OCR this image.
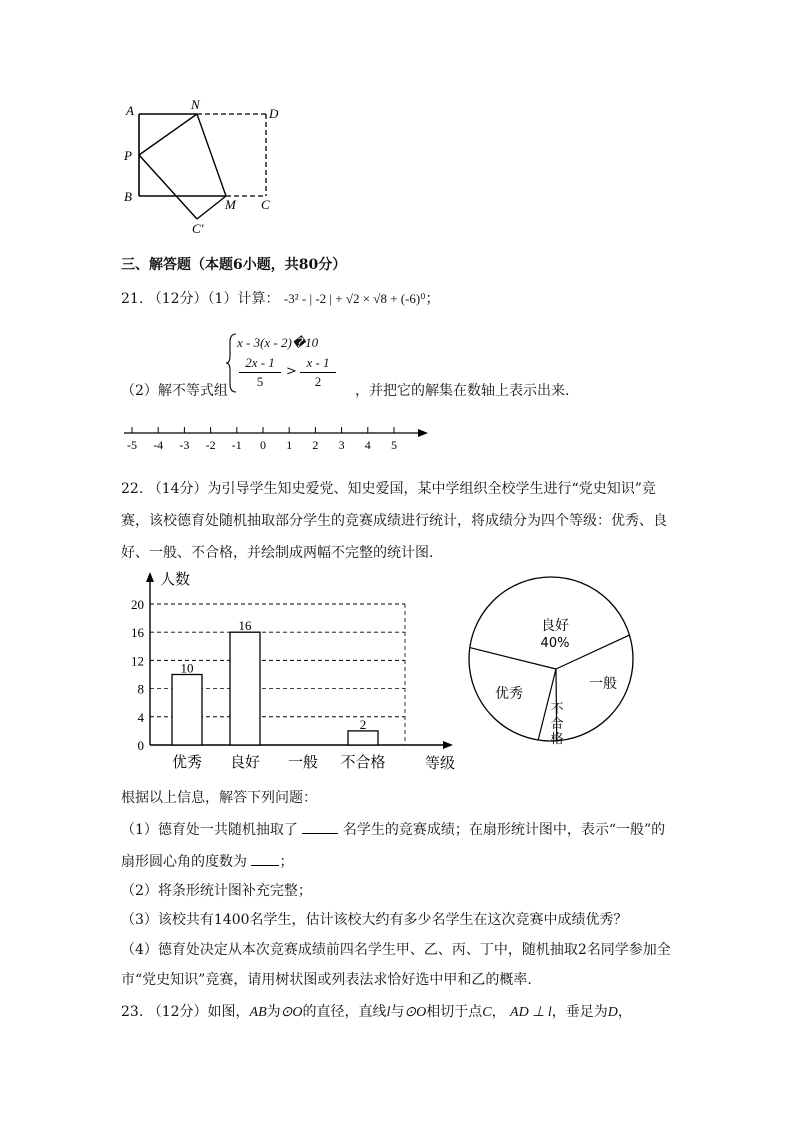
A	N
D
P
B
M C
C'
三、解答题（本题6小题，共80分）
21. （12分）（1）计算： -3² - | -2 | + √2 × √8 + (-6)⁰；
x - 3(x - 2)�10
2x - 1
5
>
x - 1
2
（2）解不等式组	，并把它的解集在数轴上表示出来.
-5 -4 -3 -2 -1 0 1 2 3 4 5
22. （14分）为引导学生知史爱党、知史爱国，某中学组织全校学生进行“党史知识”竞
赛，该校德育处随机抽取部分学生的竞赛成绩进行统计，将成绩分为四个等级：优秀、良
好、一般、不合格，并绘制成两幅不完整的统计图.
0
4
8
12
16
20
人数
等级
10
优秀
16
良好 一般
2
不合格
良好
40%
一般
优秀
不
合
格
根据以上信息，解答下列问题：
（1）德育处一共随机抽取了	名学生的竞赛成绩；在扇形统计图中，表示“一般”的
扇形圆心角的度数为 ；
（2）将条形统计图补充完整；
（3）该校共有1400名学生，估计该校大约有多少名学生在这次竞赛中成绩优秀？
（4）德育处决定从本次竞赛成绩前四名学生甲、乙、丙、丁中，随机抽取2名同学参加全
市“党史知识”竞赛，请用树状图或列表法求恰好选中甲和乙的概率.
23. （12分）如图，AB为⊙O的直径，直线l与⊙O相切于点C， AD ⊥ l，垂足为D，
